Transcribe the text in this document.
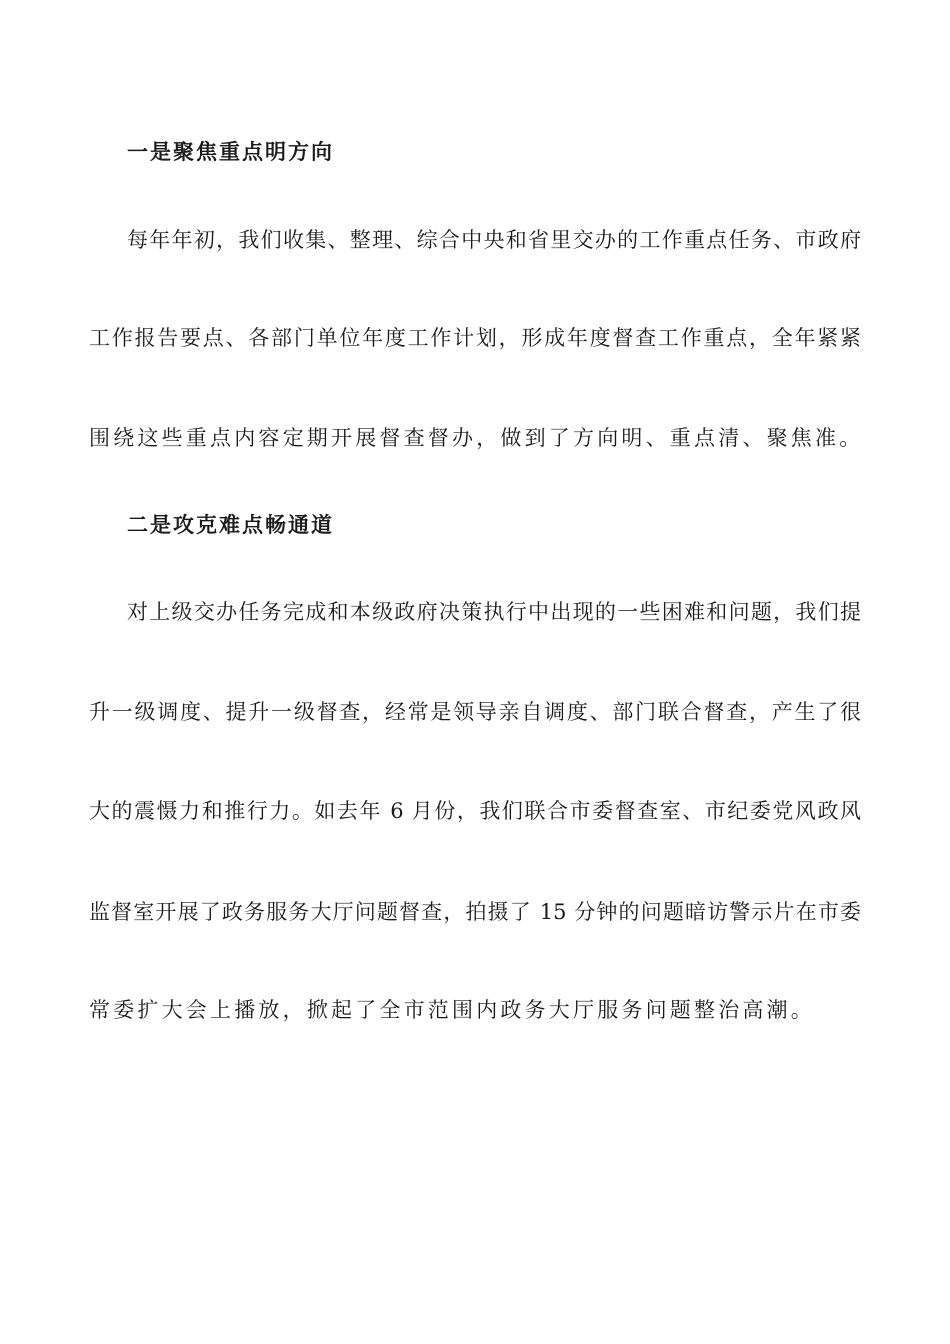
一是聚焦重点明方向
每年年初，我们收集、整理、综合中央和省里交办的工作重点任务、市政府
工作报告要点、各部门单位年度工作计划，形成年度督查工作重点，全年紧紧
围绕这些重点内容定期开展督查督办，做到了方向明、重点清、聚焦准。
二是攻克难点畅通道
对上级交办任务完成和本级政府决策执行中出现的一些困难和问题，我们提
升一级调度、提升一级督查，经常是领导亲自调度、部门联合督查，产生了很
大的震慑力和推行力。如去年 6 月份，我们联合市委督查室、市纪委党风政风
监督室开展了政务服务大厅问题督查，拍摄了 15 分钟的问题暗访警示片在市委
常委扩大会上播放，掀起了全市范围内政务大厅服务问题整治高潮。
